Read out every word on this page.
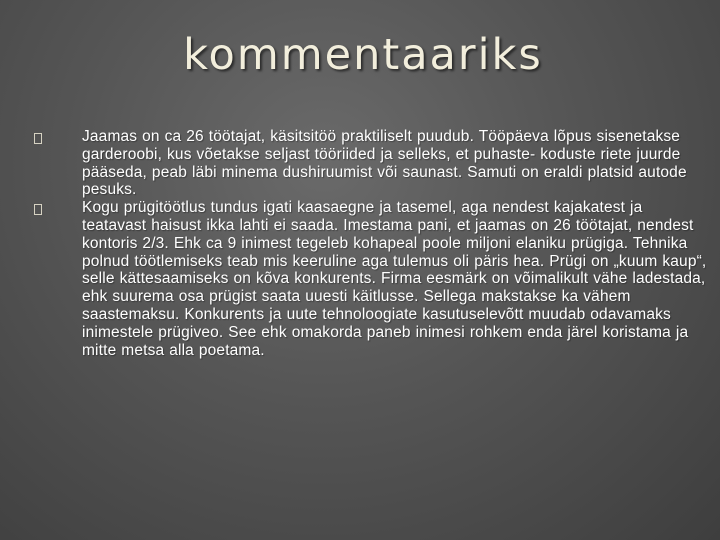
kommentaariks
Jaamas on ca 26 töötajat, käsitsitöö praktiliselt puudub. Tööpäeva lõpus sisenetakse garderoobi, kus võetakse seljast tööriided ja selleks, et puhaste- koduste riete juurde pääseda, peab läbi minema dushiruumist või saunast. Samuti on eraldi platsid autode pesuks.
Kogu prügitöötlus tundus igati kaasaegne ja tasemel, aga nendest kajakatest ja teatavast haisust ikka lahti ei saada. Imestama pani, et jaamas on 26 töötajat, nendest kontoris 2/3. Ehk ca 9 inimest tegeleb kohapeal poole miljoni elaniku prügiga. Tehnika polnud töötlemiseks teab mis keeruline aga tulemus oli päris hea. Prügi on „kuum kaup“, selle kättesaamiseks on kõva konkurents. Firma eesmärk on võimalikult vähe ladestada, ehk suurema osa prügist saata uuesti käitlusse. Sellega makstakse ka vähem saastemaksu. Konkurents ja uute tehnoloogiate kasutuselevõtt muudab odavamaks inimestele prügiveo. See ehk omakorda paneb inimesi rohkem enda järel koristama ja mitte metsa alla poetama.
